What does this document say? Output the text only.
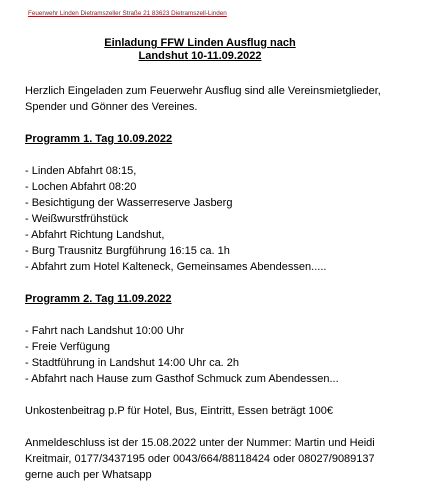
Feuerwehr Linden Dietramszeller Straße 21 83623 Dietramszell-Linden
Einladung FFW Linden Ausflug nach
Landshut 10-11.09.2022

Herzlich Eingeladen zum Feuerwehr Ausflug sind alle Vereinsmietglieder,

Spender und Gönner des Vereines.

Programm 1. Tag 10.09.2022

- Linden Abfahrt 08:15,
- Lochen Abfahrt 08:20
- Besichtigung der Wasserreserve Jasberg
- Weißwurstfrühstück
- Abfahrt Richtung Landshut,
- Burg Trausnitz Burgführung 16:15 ca. 1h
- Abfahrt zum Hotel Kalteneck, Gemeinsames Abendessen.....

Programm 2. Tag 11.09.2022

- Fahrt nach Landshut 10:00 Uhr
- Freie Verfügung
- Stadtführung in Landshut 14:00 Uhr ca. 2h
- Abfahrt nach Hause zum Gasthof Schmuck zum Abendessen...

Unkostenbeitrag p.P für Hotel, Bus, Eintritt, Essen beträgt 100€

Anmeldeschluss ist der 15.08.2022 unter der Nummer: Martin und Heidi

Kreitmair, 0177/3437195 oder 0043/664/88118424 oder 08027/9089137

gerne auch per Whatsapp
